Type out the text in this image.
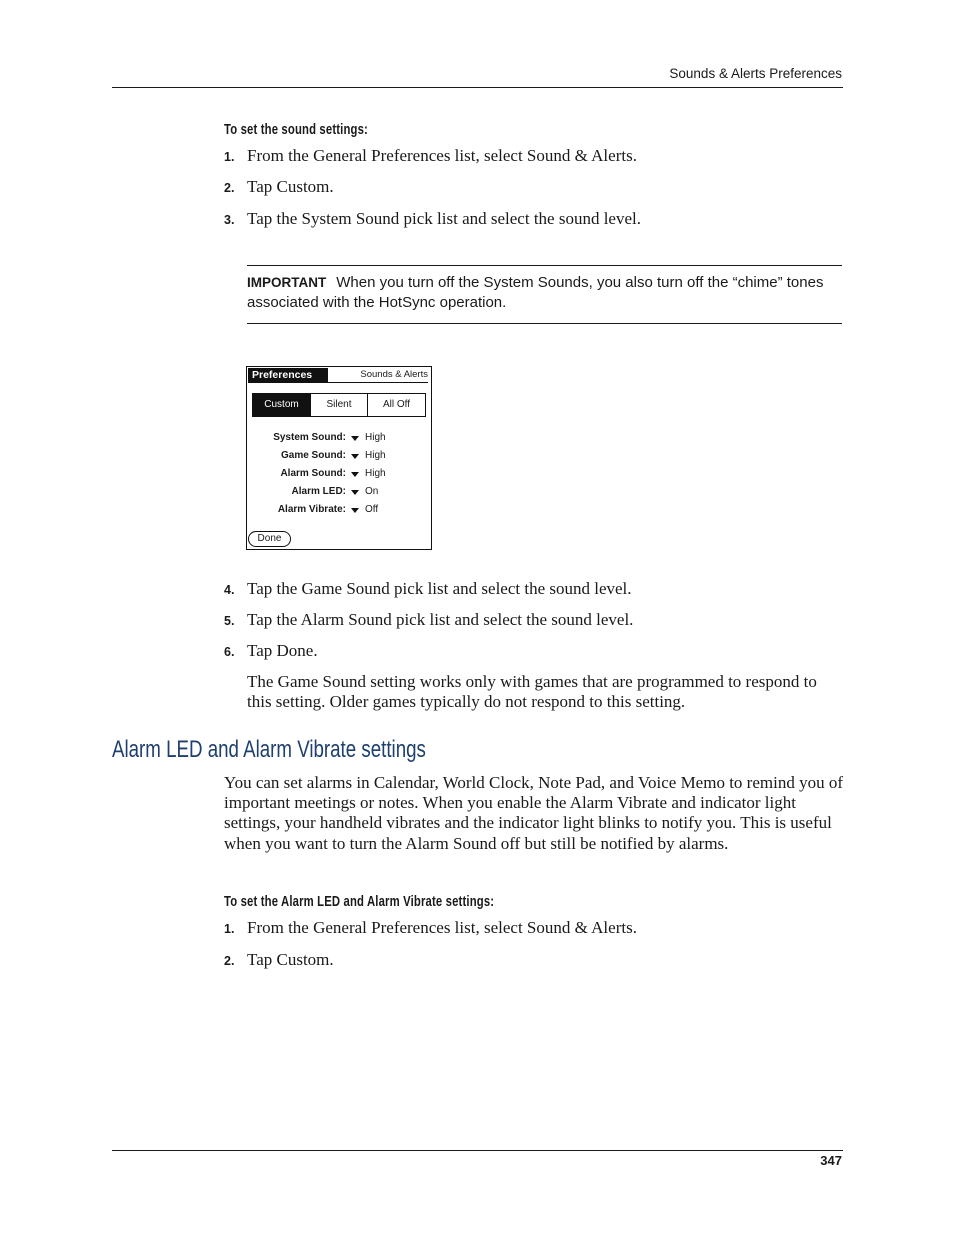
Sounds & Alerts Preferences
To set the sound settings:
1. From the General Preferences list, select Sound & Alerts.
2. Tap Custom.
3. Tap the System Sound pick list and select the sound level.
IMPORTANT When you turn off the System Sounds, you also turn off the “chime” tones associated with the HotSync operation.
Preferences	Sounds & Alerts
Custom	Silent	All Off
System Sound: High
Game Sound: High
Alarm Sound: High
Alarm LED: On
Alarm Vibrate: Off
Done
4. Tap the Game Sound pick list and select the sound level.
5. Tap the Alarm Sound pick list and select the sound level.
6. Tap Done.
The Game Sound setting works only with games that are programmed to respond to this setting. Older games typically do not respond to this setting.
Alarm LED and Alarm Vibrate settings
You can set alarms in Calendar, World Clock, Note Pad, and Voice Memo to remind you of important meetings or notes. When you enable the Alarm Vibrate and indicator light settings, your handheld vibrates and the indicator light blinks to notify you. This is useful when you want to turn the Alarm Sound off but still be notified by alarms.
To set the Alarm LED and Alarm Vibrate settings:
1. From the General Preferences list, select Sound & Alerts.
2. Tap Custom.
347
